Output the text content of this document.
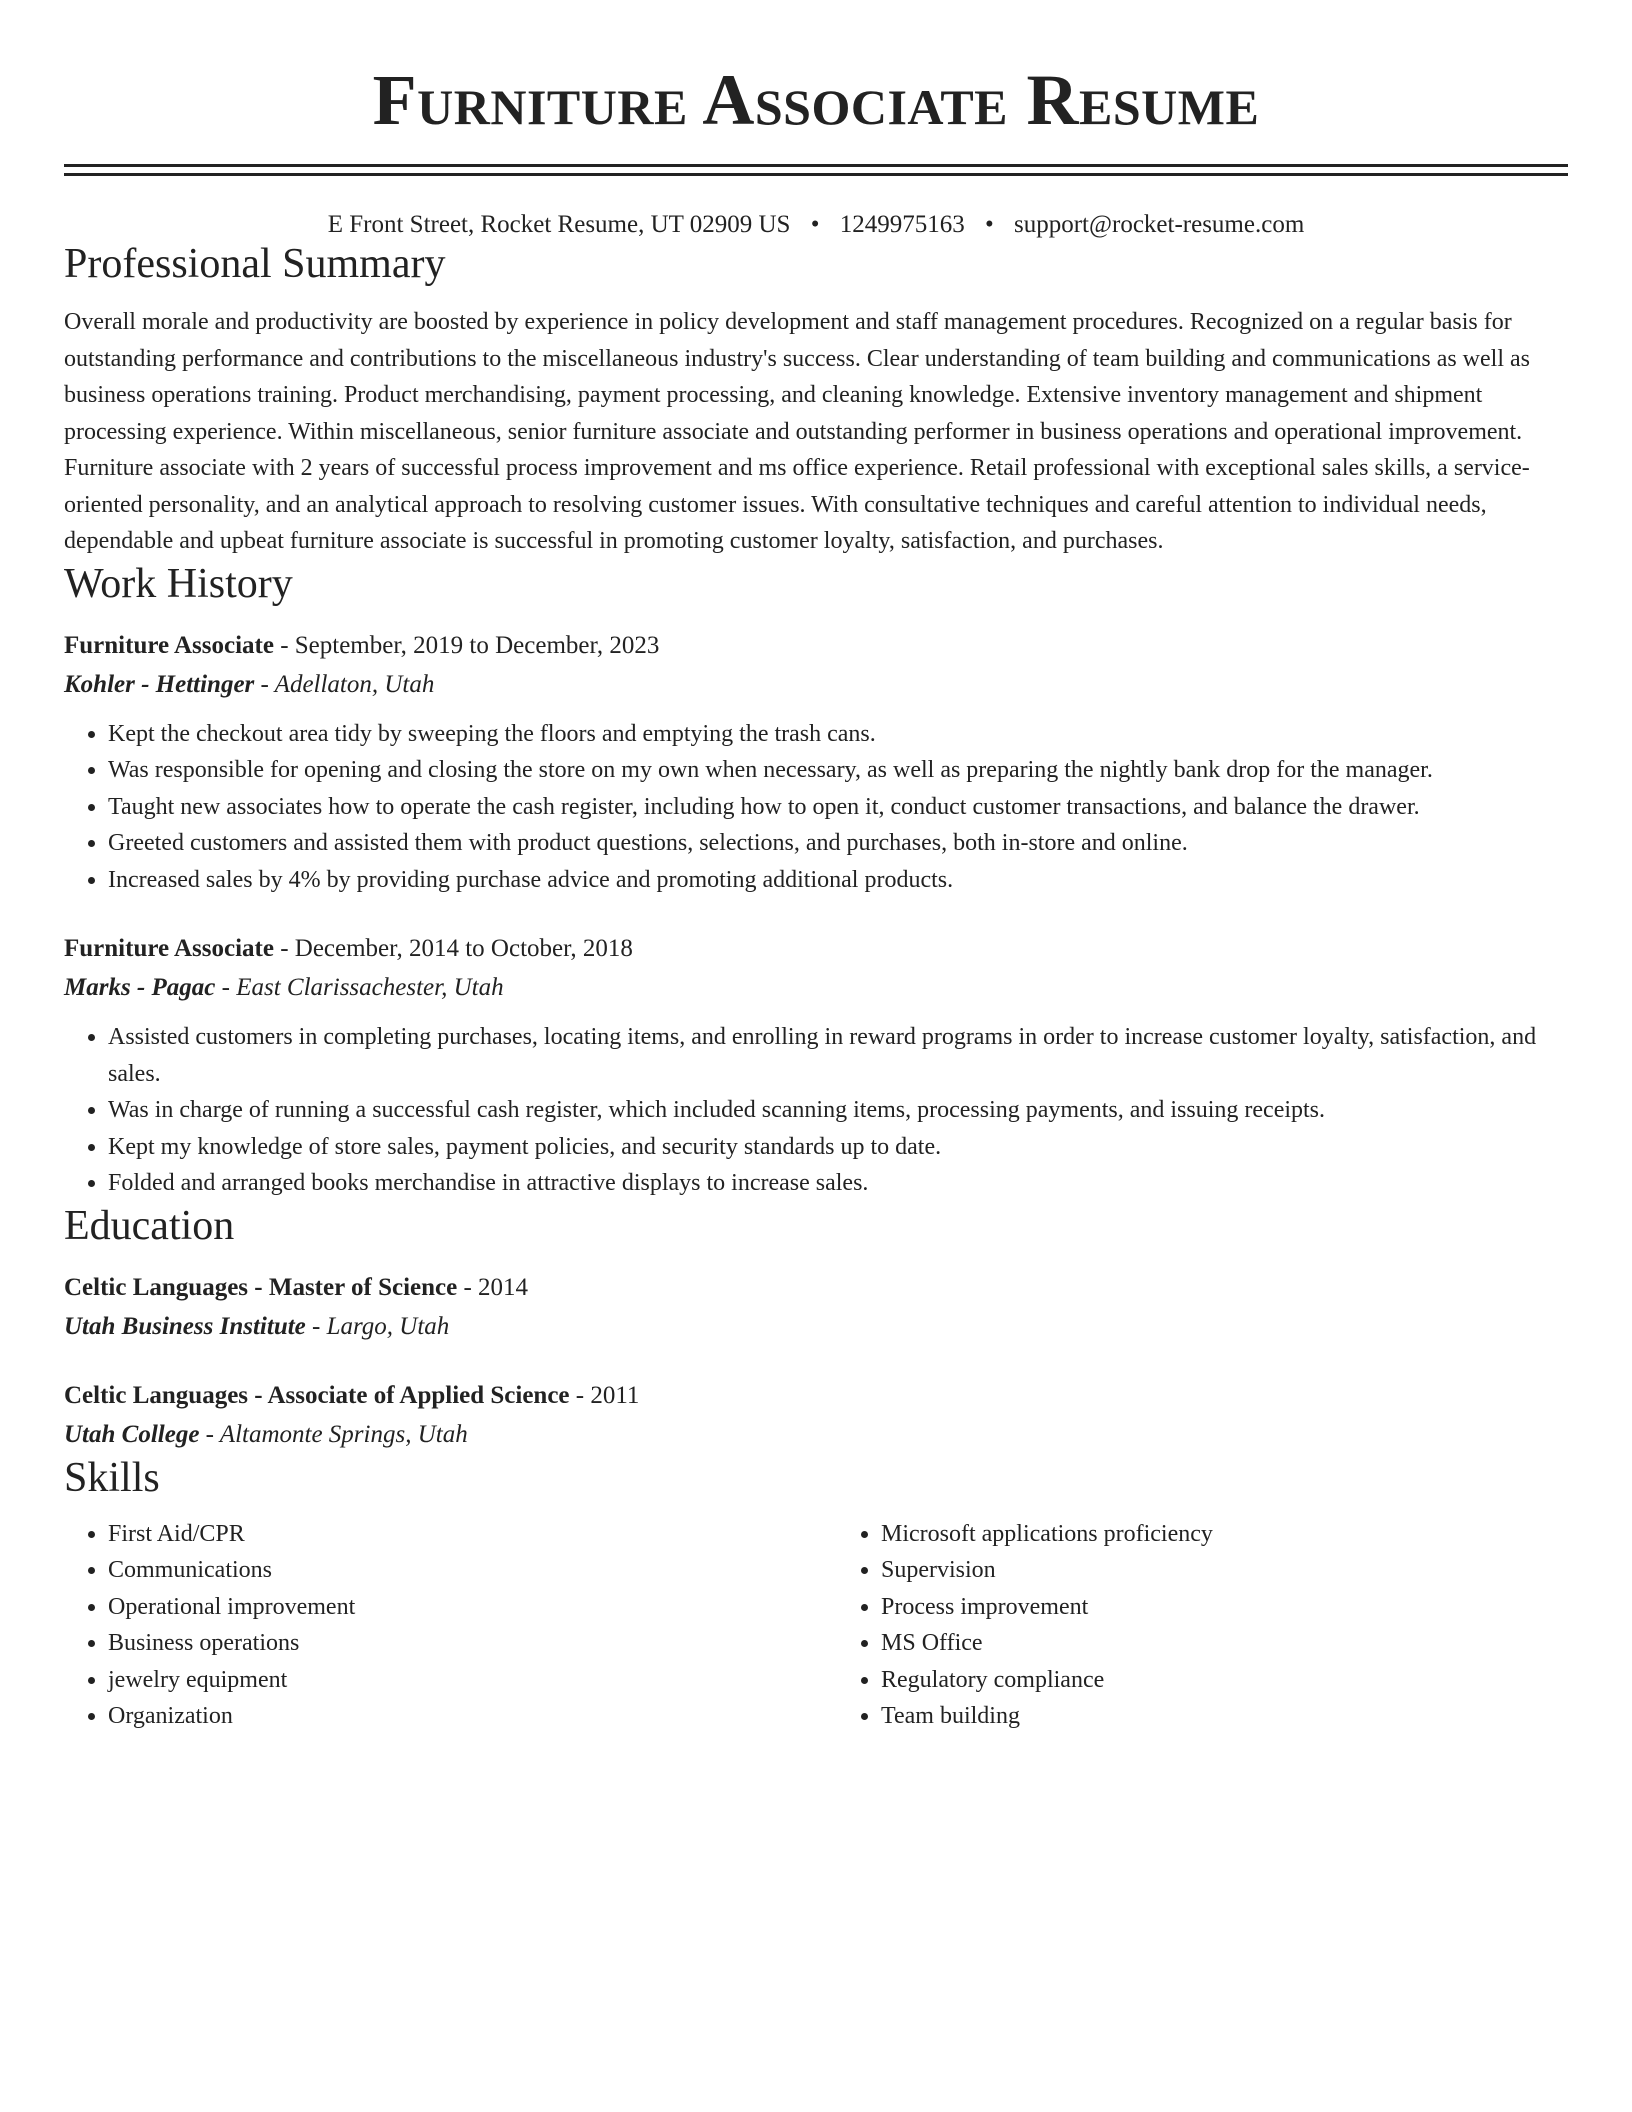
Furniture Associate Resume
E Front Street, Rocket Resume, UT 02909 US • 1249975163 • support@rocket-resume.com
Professional Summary

Overall morale and productivity are boosted by experience in policy development and staff management procedures. Recognized on a regular basis for outstanding performance and contributions to the miscellaneous industry's success. Clear understanding of team building and communications as well as business operations training. Product merchandising, payment processing, and cleaning knowledge. Extensive inventory management and shipment processing experience. Within miscellaneous, senior furniture associate and outstanding performer in business operations and operational improvement. Furniture associate with 2 years of successful process improvement and ms office experience. Retail professional with exceptional sales skills, a service-oriented personality, and an analytical approach to resolving customer issues. With consultative techniques and careful attention to individual needs, dependable and upbeat furniture associate is successful in promoting customer loyalty, satisfaction, and purchases.

Work History
Furniture Associate - September, 2019 to December, 2023
Kohler - Hettinger - Adellaton, Utah
• Kept the checkout area tidy by sweeping the floors and emptying the trash cans.
• Was responsible for opening and closing the store on my own when necessary, as well as preparing the nightly bank drop for the manager.
• Taught new associates how to operate the cash register, including how to open it, conduct customer transactions, and balance the drawer.
• Greeted customers and assisted them with product questions, selections, and purchases, both in-store and online.
• Increased sales by 4% by providing purchase advice and promoting additional products.
Furniture Associate - December, 2014 to October, 2018
Marks - Pagac - East Clarissachester, Utah
• Assisted customers in completing purchases, locating items, and enrolling in reward programs in order to increase customer loyalty, satisfaction, and sales.
• Was in charge of running a successful cash register, which included scanning items, processing payments, and issuing receipts.
• Kept my knowledge of store sales, payment policies, and security standards up to date.
• Folded and arranged books merchandise in attractive displays to increase sales.
Education
Celtic Languages - Master of Science - 2014
Utah Business Institute - Largo, Utah
Celtic Languages - Associate of Applied Science - 2011
Utah College - Altamonte Springs, Utah
Skills
• First Aid/CPR
• Communications
• Operational improvement
• Business operations
• jewelry equipment
• Organization
• Microsoft applications proficiency
• Supervision
• Process improvement
• MS Office
• Regulatory compliance
• Team building
